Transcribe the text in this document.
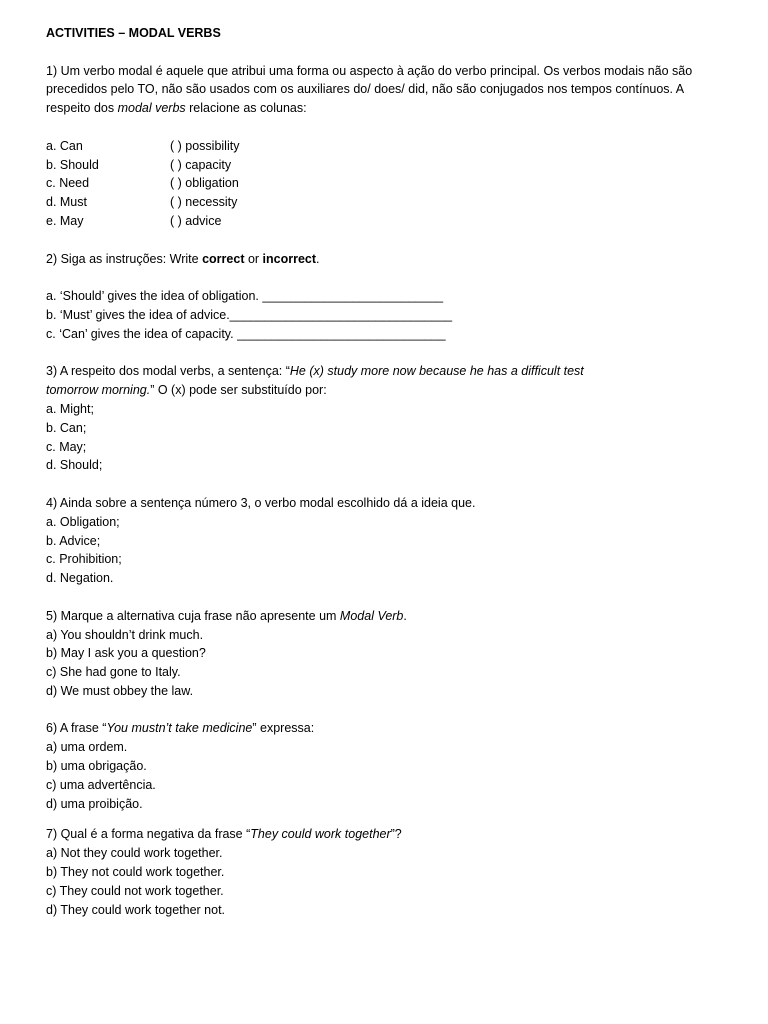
ACTIVITIES – MODAL VERBS
1) Um verbo modal é aquele que atribui uma forma ou aspecto à ação do verbo principal. Os verbos modais não são
precedidos pelo TO, não são usados com os auxiliares do/ does/ did, não são conjugados nos tempos contínuos. A
respeito dos modal verbs relacione as colunas:
a. Can	( ) possibility
b. Should	( ) capacity
c. Need	( ) obligation
d. Must	( ) necessity
e. May	( ) advice
2) Siga as instruções: Write correct or incorrect.
a. ‘Should’ gives the idea of obligation. __________________________
b. ‘Must’ gives the idea of advice.________________________________
c. ‘Can’ gives the idea of capacity. ______________________________
3) A respeito dos modal verbs, a sentença: “He (x) study more now because he has a difficult test
tomorrow morning.” O (x) pode ser substituído por:
a. Might;
b. Can;
c. May;
d. Should;
4) Ainda sobre a sentença número 3, o verbo modal escolhido dá a ideia que.
a. Obligation;
b. Advice;
c. Prohibition;
d. Negation.
5) Marque a alternativa cuja frase não apresente um Modal Verb.
a) You shouldn’t drink much.
b) May I ask you a question?
c) She had gone to Italy.
d) We must obbey the law.
6) A frase “You mustn’t take medicine” expressa:
a) uma ordem.
b) uma obrigação.
c) uma advertência.
d) uma proibição.
7) Qual é a forma negativa da frase “They could work together”?
a) Not they could work together.
b) They not could work together.
c) They could not work together.
d) They could work together not.
